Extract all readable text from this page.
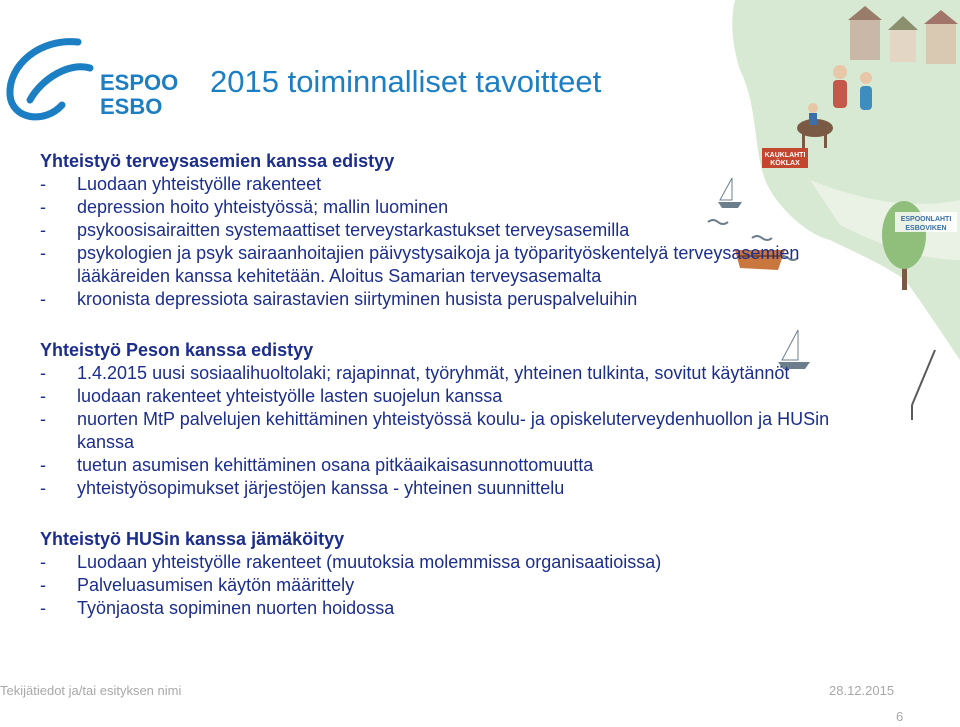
ESPOO
ESBO
2015 toiminnalliset tavoitteet
KAUKLAHTI
KÖKLAX
ESPOONLAHTI
ESBOVIKEN
Yhteistyö terveysasemien kanssa edistyy
-	Luodaan yhteistyölle rakenteet
-	depression hoito yhteistyössä; mallin luominen
-	psykoosisairaitten systemaattiset terveystarkastukset terveysasemilla
-	psykologien ja psyk sairaanhoitajien päivystysaikoja ja työparityöskentelyä terveysasemien lääkäreiden kanssa kehitetään. Aloitus Samarian terveysasemalta
-	kroonista depressiota sairastavien siirtyminen husista peruspalveluihin
Yhteistyö Peson kanssa edistyy
-	1.4.2015 uusi sosiaalihuoltolaki; rajapinnat, työryhmät, yhteinen tulkinta, sovitut käytännöt
-	luodaan rakenteet yhteistyölle lasten suojelun kanssa
-	nuorten MtP palvelujen kehittäminen yhteistyössä koulu- ja opiskeluterveydenhuollon ja HUSin kanssa
-	tuetun asumisen kehittäminen osana pitkäaikaisasunnottomuutta
-	yhteistyösopimukset järjestöjen kanssa - yhteinen suunnittelu
Yhteistyö HUSin kanssa jämäköityy
-	Luodaan yhteistyölle rakenteet (muutoksia molemmissa organisaatioissa)
-	Palveluasumisen käytön määrittely
-	Työnjaosta sopiminen nuorten hoidossa
Tekijätiedot ja/tai esityksen nimi	28.12.2015
6
